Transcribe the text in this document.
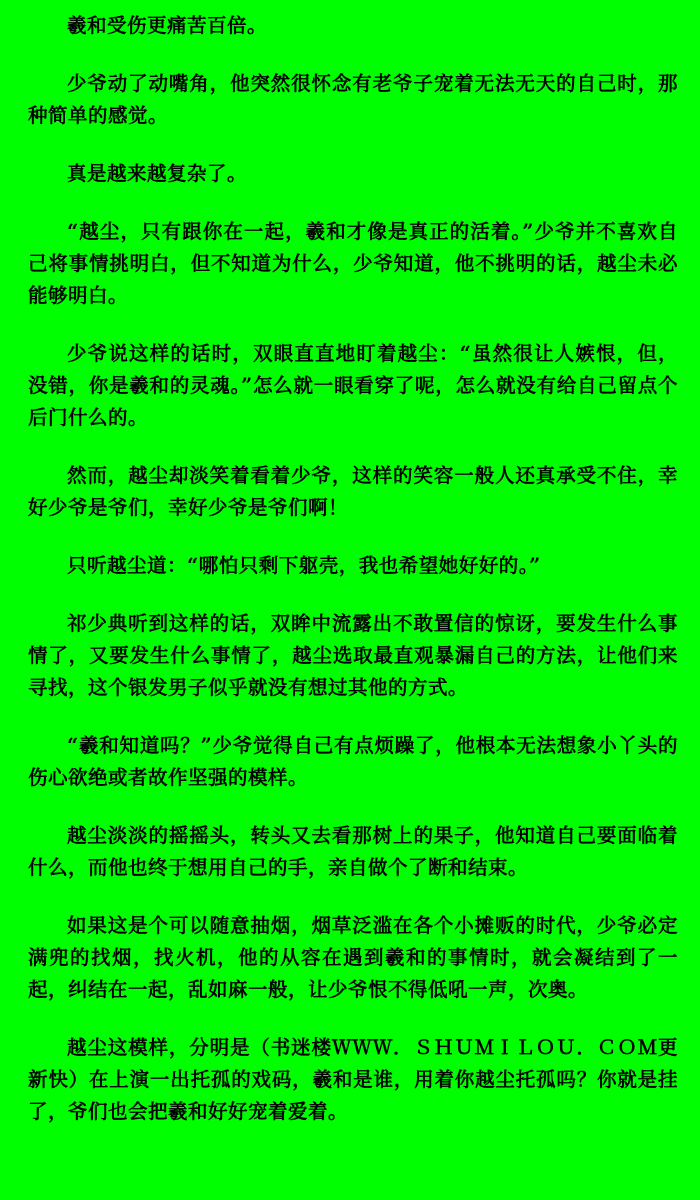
羲和受伤更痛苦百倍。

少爷动了动嘴角，他突然很怀念有老爷子宠着无法无天的自己时，那种简单的感觉。

真是越来越复杂了。

“越尘，只有跟你在一起，羲和才像是真正的活着。”少爷并不喜欢自己将事情挑明白，但不知道为什么，少爷知道，他不挑明的话，越尘未必能够明白。

少爷说这样的话时，双眼直直地盯着越尘：“虽然很让人嫉恨，但，没错，你是羲和的灵魂。”怎么就一眼看穿了呢，怎么就没有给自己留点个后门什么的。

然而，越尘却淡笑着看着少爷，这样的笑容一般人还真承受不住，幸好少爷是爷们，幸好少爷是爷们啊！

只听越尘道：“哪怕只剩下躯壳，我也希望她好好的。”

祁少典听到这样的话，双眸中流露出不敢置信的惊讶，要发生什么事情了，又要发生什么事情了，越尘选取最直观暴漏自己的方法，让他们来寻找，这个银发男子似乎就没有想过其他的方式。

“羲和知道吗？”少爷觉得自己有点烦躁了，他根本无法想象小丫头的伤心欲绝或者故作坚强的模样。

越尘淡淡的摇摇头，转头又去看那树上的果子，他知道自己要面临着什么，而他也终于想用自己的手，亲自做个了断和结束。

如果这是个可以随意抽烟，烟草泛滥在各个小摊贩的时代，少爷必定满兜的找烟，找火机，他的从容在遇到羲和的事情时，就会凝结到了一起，纠结在一起，乱如麻一般，让少爷恨不得低吼一声，次奥。

越尘这模样，分明是（书迷楼ＷＷＷ．ＳＨＵＭＩＬＯＵ．ＣＯＭ更新快）在上演一出托孤的戏码，羲和是谁，用着你越尘托孤吗？你就是挂了，爷们也会把羲和好好宠着爱着。
